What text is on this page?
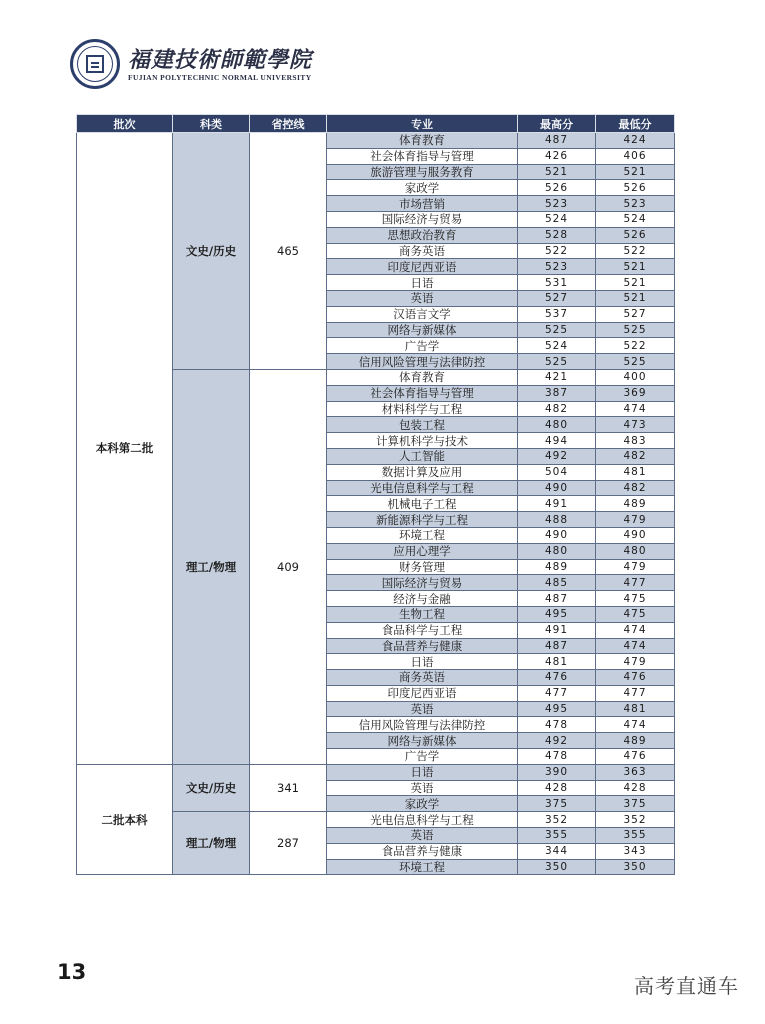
福建技術師範學院
FUJIAN POLYTECHNIC NORMAL UNIVERSITY
批次	科类	省控线	专业	最高分	最低分
本科第二批	文史/历史	465	体育教育	487	424
			社会体育指导与管理	426	406
			旅游管理与服务教育	521	521
			家政学	526	526
			市场营销	523	523
			国际经济与贸易	524	524
			思想政治教育	528	526
			商务英语	522	522
			印度尼西亚语	523	521
			日语	531	521
			英语	527	521
			汉语言文学	537	527
			网络与新媒体	525	525
			广告学	524	522
			信用风险管理与法律防控	525	525
	理工/物理	409	体育教育	421	400
			社会体育指导与管理	387	369
			材料科学与工程	482	474
			包装工程	480	473
			计算机科学与技术	494	483
			人工智能	492	482
			数据计算及应用	504	481
			光电信息科学与工程	490	482
			机械电子工程	491	489
			新能源科学与工程	488	479
			环境工程	490	490
			应用心理学	480	480
			财务管理	489	479
			国际经济与贸易	485	477
			经济与金融	487	475
			生物工程	495	475
			食品科学与工程	491	474
			食品营养与健康	487	474
			日语	481	479
			商务英语	476	476
			印度尼西亚语	477	477
			英语	495	481
			信用风险管理与法律防控	478	474
			网络与新媒体	492	489
			广告学	478	476
二批本科	文史/历史	341	日语	390	363
			英语	428	428
			家政学	375	375
	理工/物理	287	光电信息科学与工程	352	352
			英语	355	355
			食品营养与健康	344	343
			环境工程	350	350
13
高考直通车
